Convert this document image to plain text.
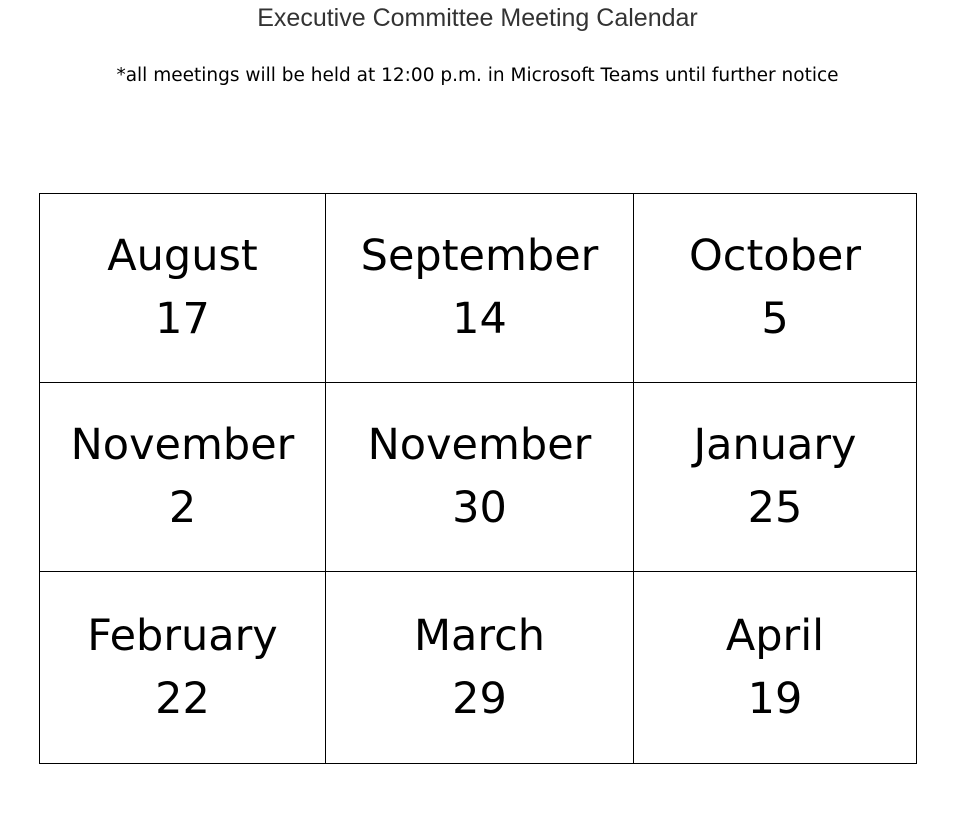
Executive Committee Meeting Calendar
*all meetings will be held at 12:00 p.m. in Microsoft Teams until further notice
August
17	September
14	October
5

November
2	November
30	January
25

February
22	March
29	April
19
